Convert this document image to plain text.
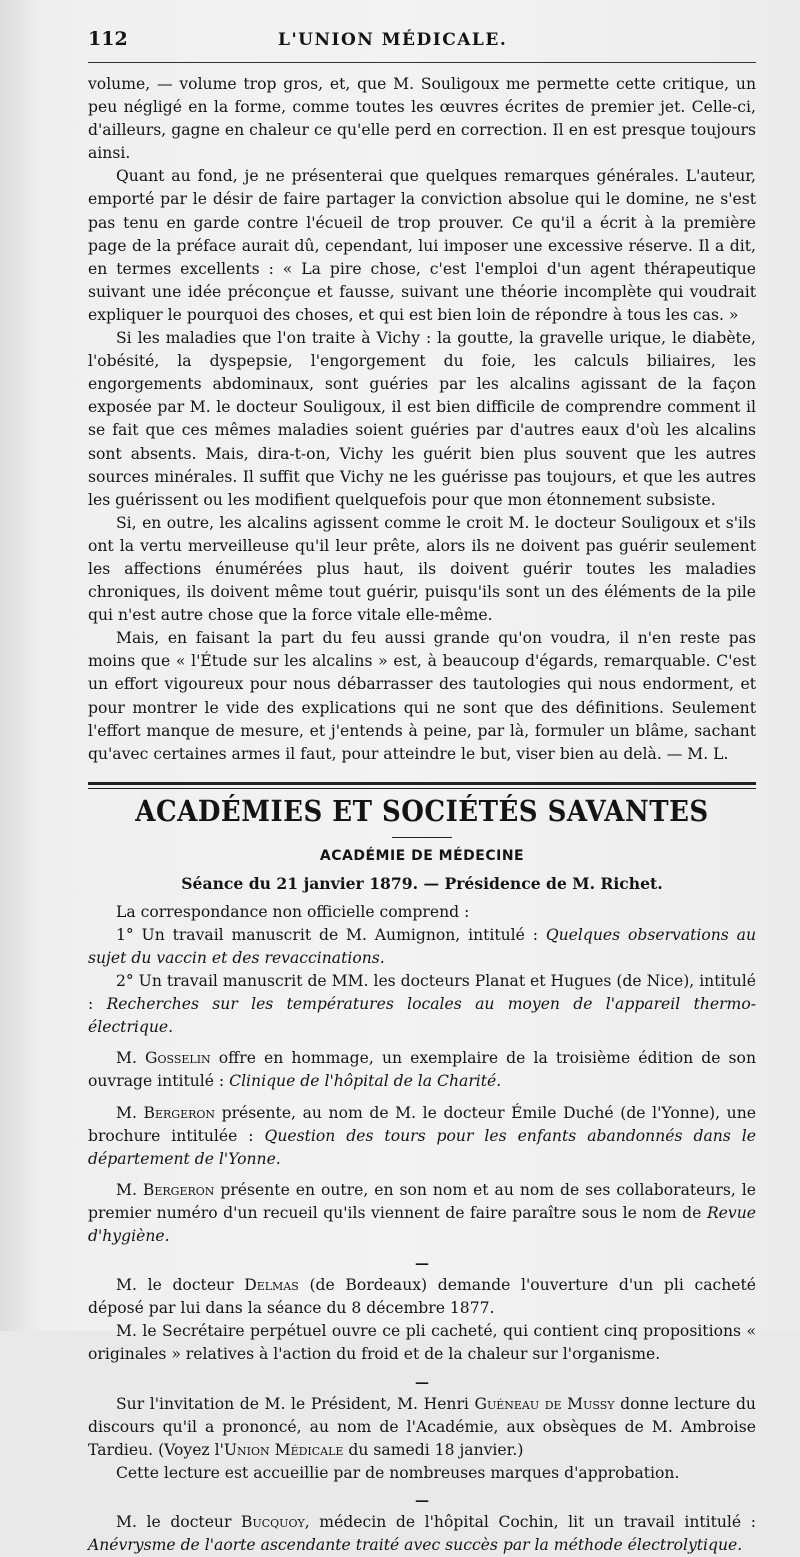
112	L'UNION MÉDICALE.

volume, — volume trop gros, et, que M. Souligoux me permette cette critique, un peu négligé en la forme, comme toutes les œuvres écrites de premier jet. Celle-ci, d'ailleurs, gagne en chaleur ce qu'elle perd en correction. Il en est presque toujours ainsi.

Quant au fond, je ne présenterai que quelques remarques générales. L'auteur, emporté par le désir de faire partager la conviction absolue qui le domine, ne s'est pas tenu en garde contre l'écueil de trop prouver. Ce qu'il a écrit à la première page de la préface aurait dû, cependant, lui imposer une excessive réserve. Il a dit, en termes excellents : « La pire chose, c'est l'emploi d'un agent thérapeutique suivant une idée préconçue et fausse, suivant une théorie incomplète qui voudrait expliquer le pourquoi des choses, et qui est bien loin de répondre à tous les cas. »

Si les maladies que l'on traite à Vichy : la goutte, la gravelle urique, le diabète, l'obésité, la dyspepsie, l'engorgement du foie, les calculs biliaires, les engorgements abdominaux, sont guéries par les alcalins agissant de la façon exposée par M. le docteur Souligoux, il est bien difficile de comprendre comment il se fait que ces mêmes maladies soient guéries par d'autres eaux d'où les alcalins sont absents. Mais, dira-t-on, Vichy les guérit bien plus souvent que les autres sources minérales. Il suffit que Vichy ne les guérisse pas toujours, et que les autres les guérissent ou les modifient quelquefois pour que mon étonnement subsiste.

Si, en outre, les alcalins agissent comme le croit M. le docteur Souligoux et s'ils ont la vertu merveilleuse qu'il leur prête, alors ils ne doivent pas guérir seulement les affections énumérées plus haut, ils doivent guérir toutes les maladies chroniques, ils doivent même tout guérir, puisqu'ils sont un des éléments de la pile qui n'est autre chose que la force vitale elle-même.

Mais, en faisant la part du feu aussi grande qu'on voudra, il n'en reste pas moins que « l'Étude sur les alcalins » est, à beaucoup d'égards, remarquable. C'est un effort vigoureux pour nous débarrasser des tautologies qui nous endorment, et pour montrer le vide des explications qui ne sont que des définitions. Seulement l'effort manque de mesure, et j'entends à peine, par là, formuler un blâme, sachant qu'avec certaines armes il faut, pour atteindre le but, viser bien au delà. — M. L.

ACADÉMIES ET SOCIÉTÉS SAVANTES
ACADÉMIE DE MÉDECINE
Séance du 21 janvier 1879. — Présidence de M. Richet.

La correspondance non officielle comprend :

1° Un travail manuscrit de M. Aumignon, intitulé : Quelques observations au sujet du vaccin et des revaccinations.

2° Un travail manuscrit de MM. les docteurs Planat et Hugues (de Nice), intitulé : Recherches sur les températures locales au moyen de l'appareil thermo-électrique.

M. Gosselin offre en hommage, un exemplaire de la troisième édition de son ouvrage intitulé : Clinique de l'hôpital de la Charité.

M. Bergeron présente, au nom de M. le docteur Émile Duché (de l'Yonne), une brochure intitulée : Question des tours pour les enfants abandonnés dans le département de l'Yonne.

M. Bergeron présente en outre, en son nom et au nom de ses collaborateurs, le premier numéro d'un recueil qu'ils viennent de faire paraître sous le nom de Revue d'hygiène.

—

M. le docteur Delmas (de Bordeaux) demande l'ouverture d'un pli cacheté déposé par lui dans la séance du 8 décembre 1877.

M. le Secrétaire perpétuel ouvre ce pli cacheté, qui contient cinq propositions « originales » relatives à l'action du froid et de la chaleur sur l'organisme.

—

Sur l'invitation de M. le Président, M. Henri Guéneau de Mussy donne lecture du discours qu'il a prononcé, au nom de l'Académie, aux obsèques de M. Ambroise Tardieu. (Voyez l'Union Médicale du samedi 18 janvier.)

Cette lecture est accueillie par de nombreuses marques d'approbation.

—

M. le docteur Bucquoy, médecin de l'hôpital Cochin, lit un travail intitulé : Anévrysme de l'aorte ascendante traité avec succès par la méthode électrolytique.
